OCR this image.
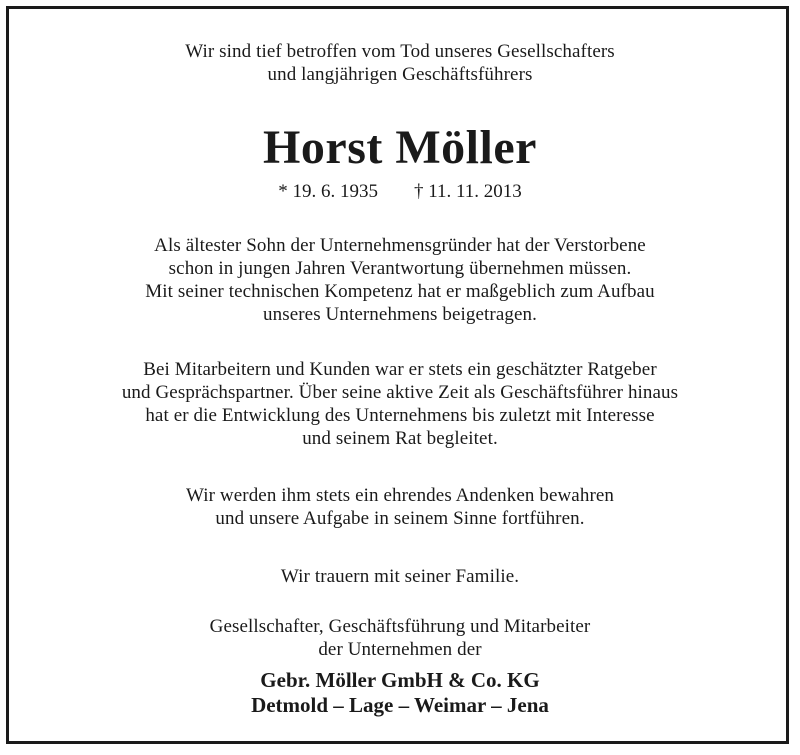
Wir sind tief betroffen vom Tod unseres Gesellschafters
und langjährigen Geschäftsführers
Horst Möller
* 19. 6. 1935 † 11. 11. 2013
Als ältester Sohn der Unternehmensgründer hat der Verstorbene
schon in jungen Jahren Verantwortung übernehmen müssen.
Mit seiner technischen Kompetenz hat er maßgeblich zum Aufbau
unseres Unternehmens beigetragen.
Bei Mitarbeitern und Kunden war er stets ein geschätzter Ratgeber
und Gesprächspartner. Über seine aktive Zeit als Geschäftsführer hinaus
hat er die Entwicklung des Unternehmens bis zuletzt mit Interesse
und seinem Rat begleitet.
Wir werden ihm stets ein ehrendes Andenken bewahren
und unsere Aufgabe in seinem Sinne fortführen.
Wir trauern mit seiner Familie.
Gesellschafter, Geschäftsführung und Mitarbeiter
der Unternehmen der
Gebr. Möller GmbH & Co. KG
Detmold – Lage – Weimar – Jena
